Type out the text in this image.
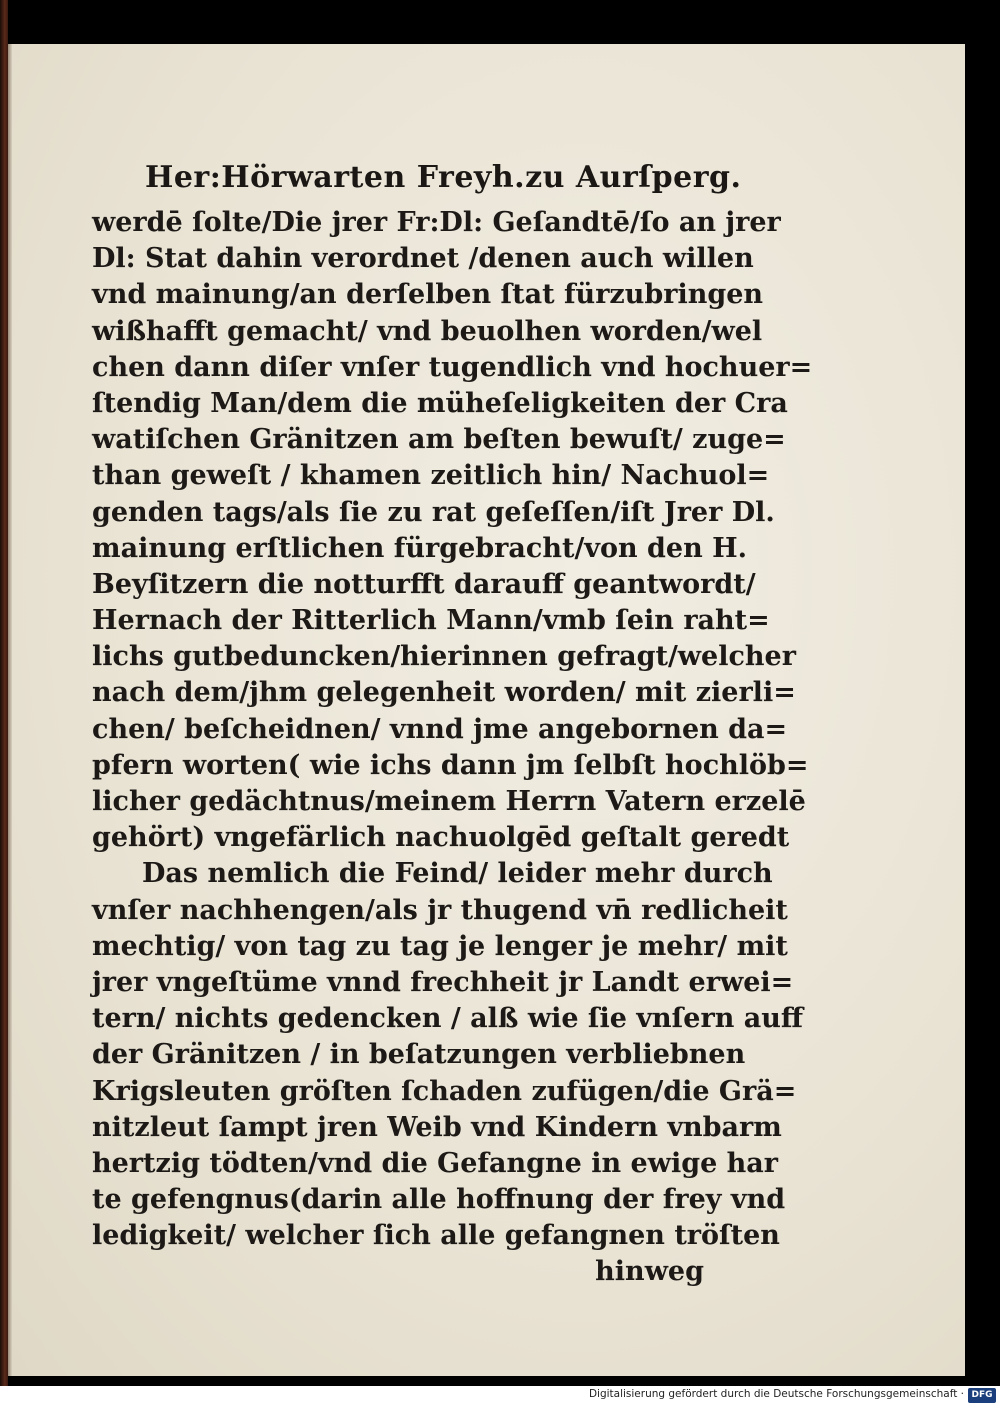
Her:Hörwarten Freyh.zu Aurſperg.
werdē ſolte/Die jrer Fr:Dl: Geſandtē/ſo an jrer
Dl: Stat dahin verordnet /denen auch willen
vnd mainung/an derſelben ſtat fürzubringen
wißhafft gemacht/ vnd beuolhen worden/wel
chen dann diſer vnſer tugendlich vnd hochuer=
ſtendig Man/dem die müheſeligkeiten der Cra
watiſchen Gränitzen am beſten bewuſt/ zuge=
than geweſt / khamen zeitlich hin/ Nachuol=
genden tags/als ſie zu rat geſeſſen/iſt Jrer Dl.
mainung erſtlichen fürgebracht/von den H.
Beyſitzern die notturfft darauff geantwordt/
Hernach der Ritterlich Mann/vmb ſein raht=
lichs gutbeduncken/hierinnen gefragt/welcher
nach dem/jhm gelegenheit worden/ mit zierli=
chen/ beſcheidnen/ vnnd jme angebornen da=
pfern worten( wie ichs dann jm ſelbſt hochlöb=
licher gedächtnus/meinem Herrn Vatern erzelē
gehört) vngefärlich nachuolgēd geſtalt geredt
Das nemlich die Feind/ leider mehr durch
vnſer nachhengen/als jr thugend vn̄ redlicheit
mechtig/ von tag zu tag je lenger je mehr/ mit
jrer vngeſtüme vnnd frechheit jr Landt erwei=
tern/ nichts gedencken / alß wie ſie vnſern auff
der Gränitzen / in beſatzungen verbliebnen
Krigsleuten gröſten ſchaden zufügen/die Grä=
nitzleut ſampt jren Weib vnd Kindern vnbarm
hertzig tödten/vnd die Gefangne in ewige har
te gefengnus(darin alle hoffnung der frey vnd
ledigkeit/ welcher ſich alle gefangnen tröſten
hinweg
Digitalisierung gefördert durch die Deutsche Forschungsgemeinschaft · DFG
